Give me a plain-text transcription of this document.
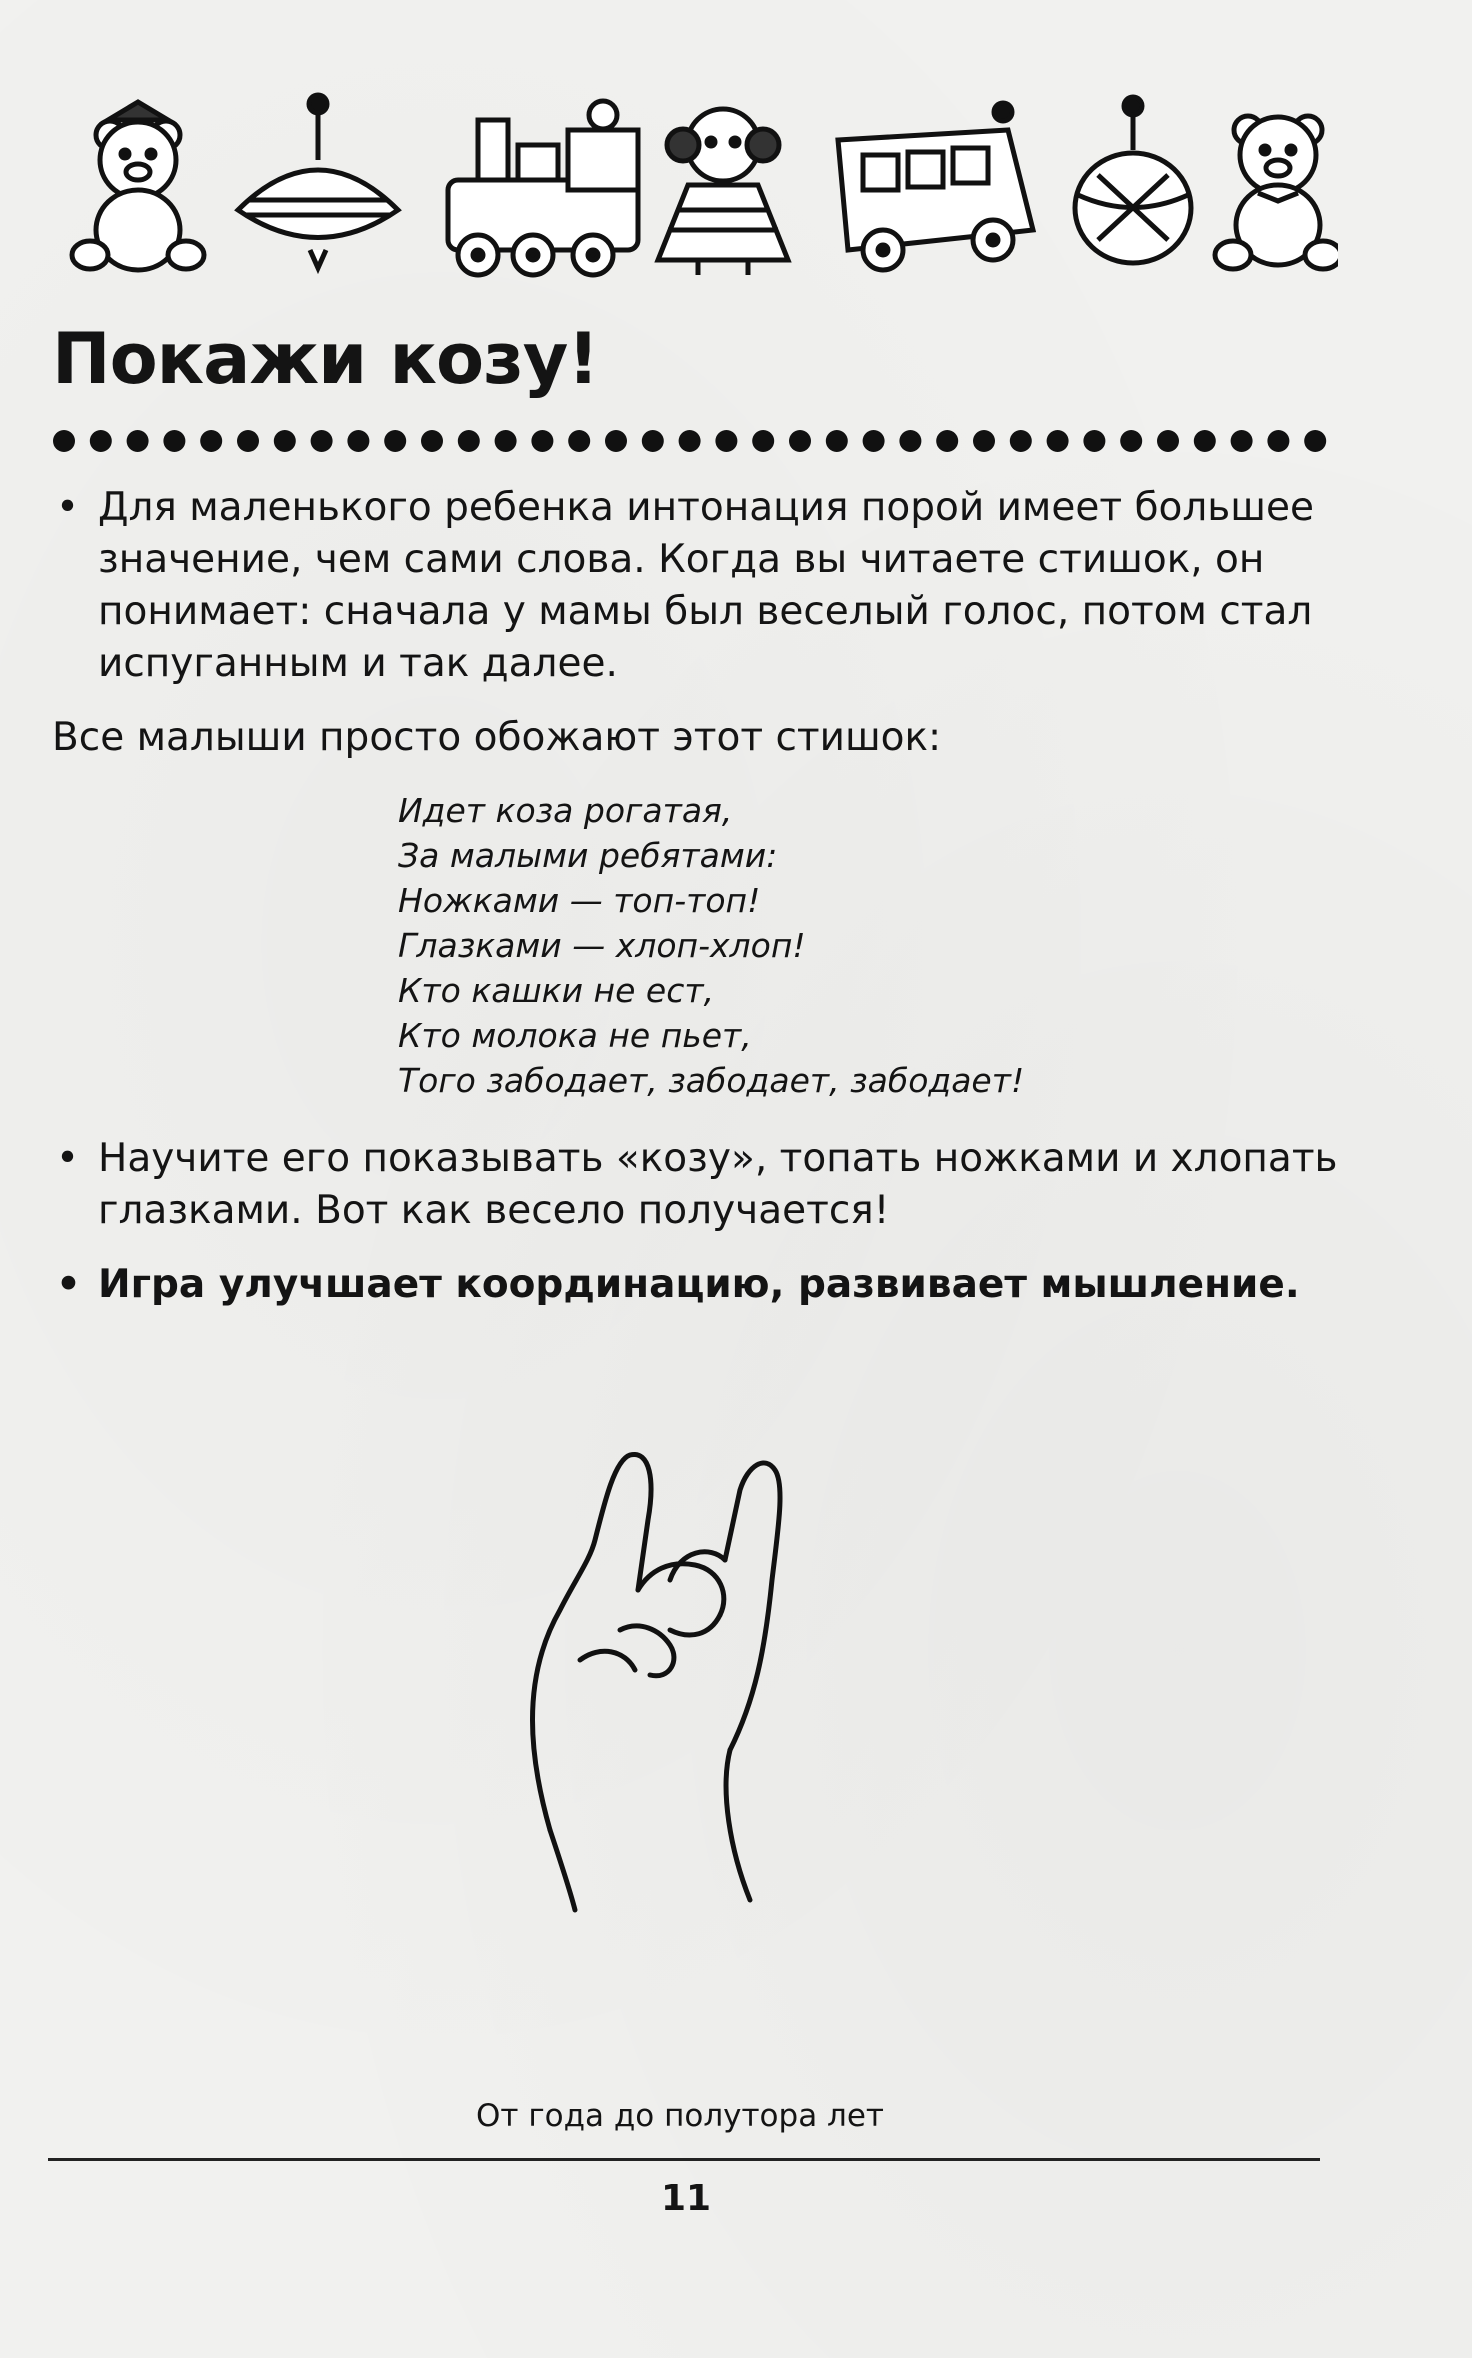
Покажи козу!

• Для маленького ребенка интонация порой имеет большее значение, чем сами слова. Когда вы читаете стишок, он понимает: сначала у мамы был веселый голос, потом стал испуганным и так далее.

Все малыши просто обожают этот стишок:

Идет коза рогатая,
За малыми ребятами:
Ножками — топ-топ!
Глазками — хлоп-хлоп!
Кто кашки не ест,
Кто молока не пьет,
Того забодает, забодает, забодает!

• Научите его показывать «козу», топать ножками и хлопать глазками. Вот как весело получается!

• Игра улучшает координацию, развивает мышление.

От года до полутора лет
11
